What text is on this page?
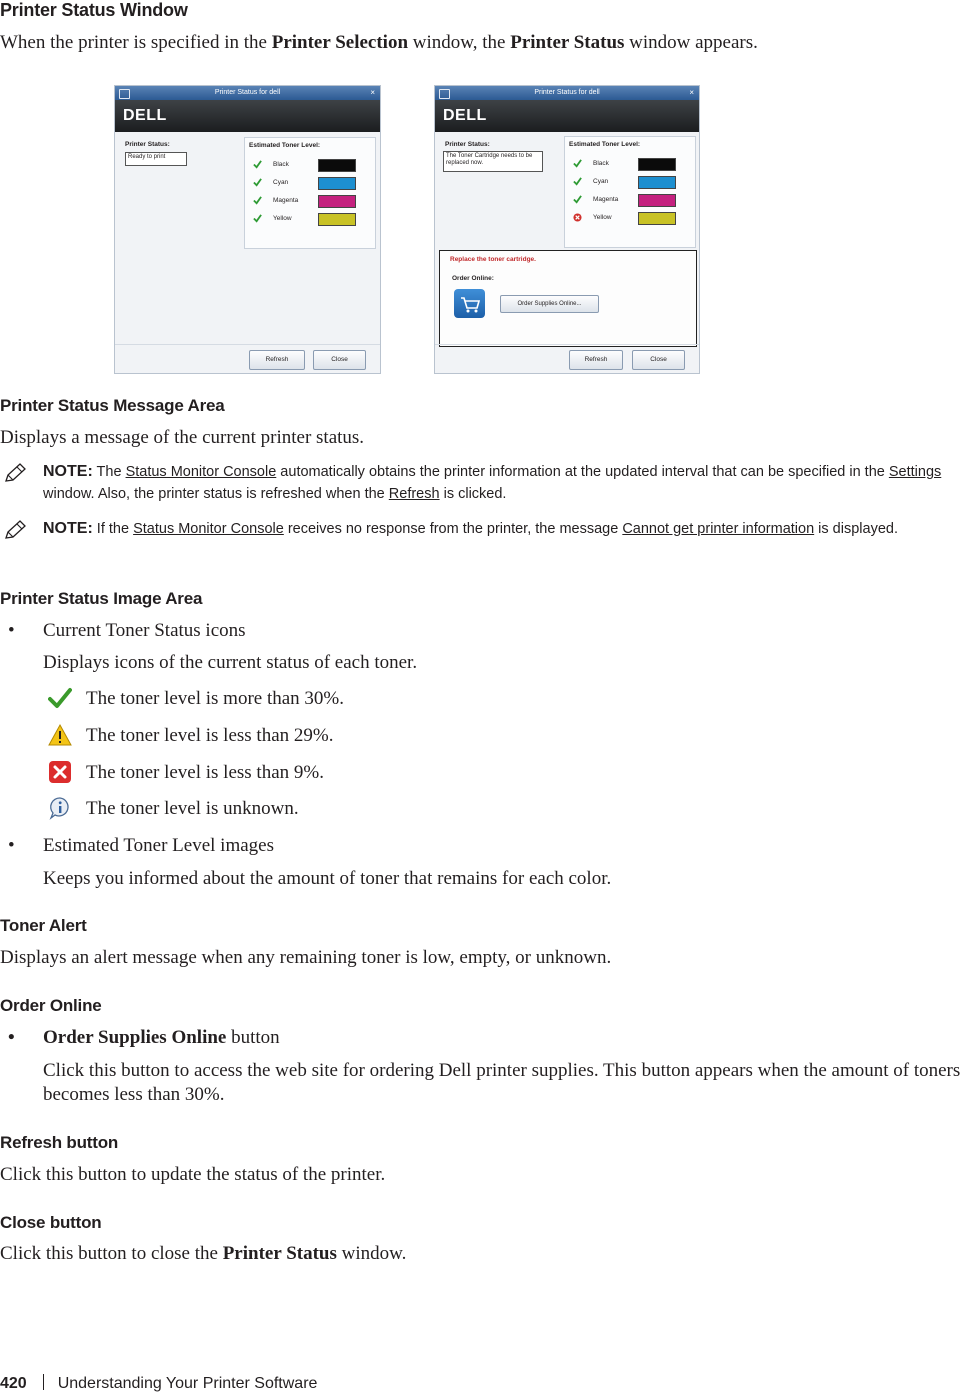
Printer Status Window
When the printer is specified in the Printer Selection window, the Printer Status window appears.
Printer Status for dell	×
DELL
Printer Status:
Ready to print
Estimated Toner Level:
Black
Cyan
Magenta
Yellow
Refresh	Close
Printer Status for dell	×
DELL
Printer Status:
The Toner Cartridge needs to be replaced now.
Estimated Toner Level:
Black
Cyan
Magenta
Yellow
Replace the toner cartridge.
Order Online:
Order Supplies Online...
Refresh	Close
Printer Status Message Area
Displays a message of the current printer status.
NOTE: The Status Monitor Console automatically obtains the printer information at the updated interval that can be specified in the Settings window. Also, the printer status is refreshed when the Refresh is clicked.
NOTE: If the Status Monitor Console receives no response from the printer, the message Cannot get printer information is displayed.
Printer Status Image Area
• Current Toner Status icons
Displays icons of the current status of each toner.
The toner level is more than 30%.
The toner level is less than 29%.
The toner level is less than 9%.
The toner level is unknown.
• Estimated Toner Level images
Keeps you informed about the amount of toner that remains for each color.
Toner Alert
Displays an alert message when any remaining toner is low, empty, or unknown.
Order Online
• Order Supplies Online button
Click this button to access the web site for ordering Dell printer supplies. This button appears when the amount of toners becomes less than 30%.
Refresh button
Click this button to update the status of the printer.
Close button
Click this button to close the Printer Status window.
420 Understanding Your Printer Software
